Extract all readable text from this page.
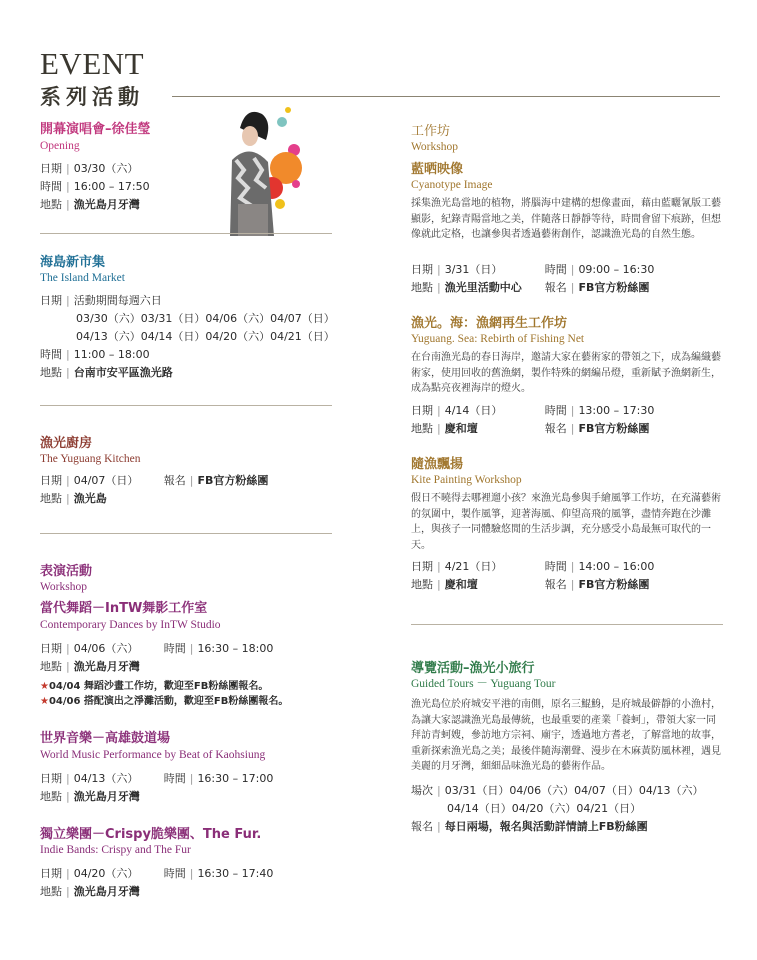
EVENT
系列活動
開幕演唱會–徐佳瑩
Opening
日期 | 03/30（六）
時間 | 16:00 – 17:50
地點 | 漁光島月牙灣
海島新市集
The Island Market
日期 | 活動期間每週六日
03/30（六）03/31（日）04/06（六）04/07（日）
04/13（六）04/14（日）04/20（六）04/21（日）
時間 | 11:00 – 18:00
地點 | 台南市安平區漁光路
漁光廚房
The Yuguang Kitchen
日期 | 04/07（日） 報名 | FB官方粉絲團
地點 | 漁光島
表演活動
Workshop
當代舞蹈－InTW舞影工作室
Contemporary Dances by InTW Studio
日期 | 04/06（六） 時間 | 16:30 – 18:00
地點 | 漁光島月牙灣
★04/04 舞蹈沙畫工作坊，歡迎至FB粉絲團報名。
★04/06 搭配演出之淨灘活動，歡迎至FB粉絲團報名。
世界音樂－高雄鼓道場
World Music Performance by Beat of Kaohsiung
日期 | 04/13（六） 時間 | 16:30 – 17:00
地點 | 漁光島月牙灣
獨立樂團－Crispy脆樂團、The Fur.
Indie Bands: Crispy and The Fur
日期 | 04/20（六） 時間 | 16:30 – 17:40
地點 | 漁光島月牙灣
工作坊
Workshop
藍晒映像
Cyanotype Image
採集漁光島當地的植物，將腦海中建構的想像畫面，藉由藍曬氰版工藝顯影，紀錄青陽當地之美，伴隨落日靜靜等待，時間會留下痕跡，但想像就此定格，也讓參與者透過藝術創作，認識漁光島的自然生態。
日期 | 3/31（日）	時間 | 09:00 – 16:30
地點 | 漁光里活動中心 報名 | FB官方粉絲團
漁光。海：漁網再生工作坊
Yuguang. Sea: Rebirth of Fishing Net
在台南漁光島的春日海岸，邀請大家在藝術家的帶領之下，成為編織藝術家，使用回收的舊漁網，製作特殊的網編吊燈，重新賦予漁網新生，成為點亮夜裡海岸的燈火。
日期 | 4/14（日）	時間 | 13:00 – 17:30
地點 | 慶和壇	報名 | FB官方粉絲團
隨漁飄揚
Kite Painting Workshop
假日不曉得去哪裡遛小孩？來漁光島參與手繪風箏工作坊，在充滿藝術的氛圍中，製作風箏，迎著海風、仰望高飛的風箏，盡情奔跑在沙灘上，與孩子一同體驗悠閒的生活步調，充分感受小島最無可取代的一天。
日期 | 4/21（日）	時間 | 14:00 – 16:00
地點 | 慶和壇	報名 | FB官方粉絲團
導覽活動–漁光小旅行
Guided Tours － Yuguang Tour
漁光島位於府城安平港的南側，原名三鯤鯓，是府城最僻靜的小漁村，為讓大家認識漁光島最傳統，也最重要的產業「養蚵」，帶領大家一同拜訪青蚵嫂，參訪地方宗祠、廟宇，透過地方耆老，了解當地的故事，重新探索漁光島之美；最後伴隨海潮聲、漫步在木麻黃防風林裡，遇見美麗的月牙灣，細細品味漁光島的藝術作品。
場次 | 03/31（日）04/06（六）04/07（日）04/13（六）
04/14（日）04/20（六）04/21（日）
報名 | 每日兩場，報名與活動詳情請上FB粉絲團
